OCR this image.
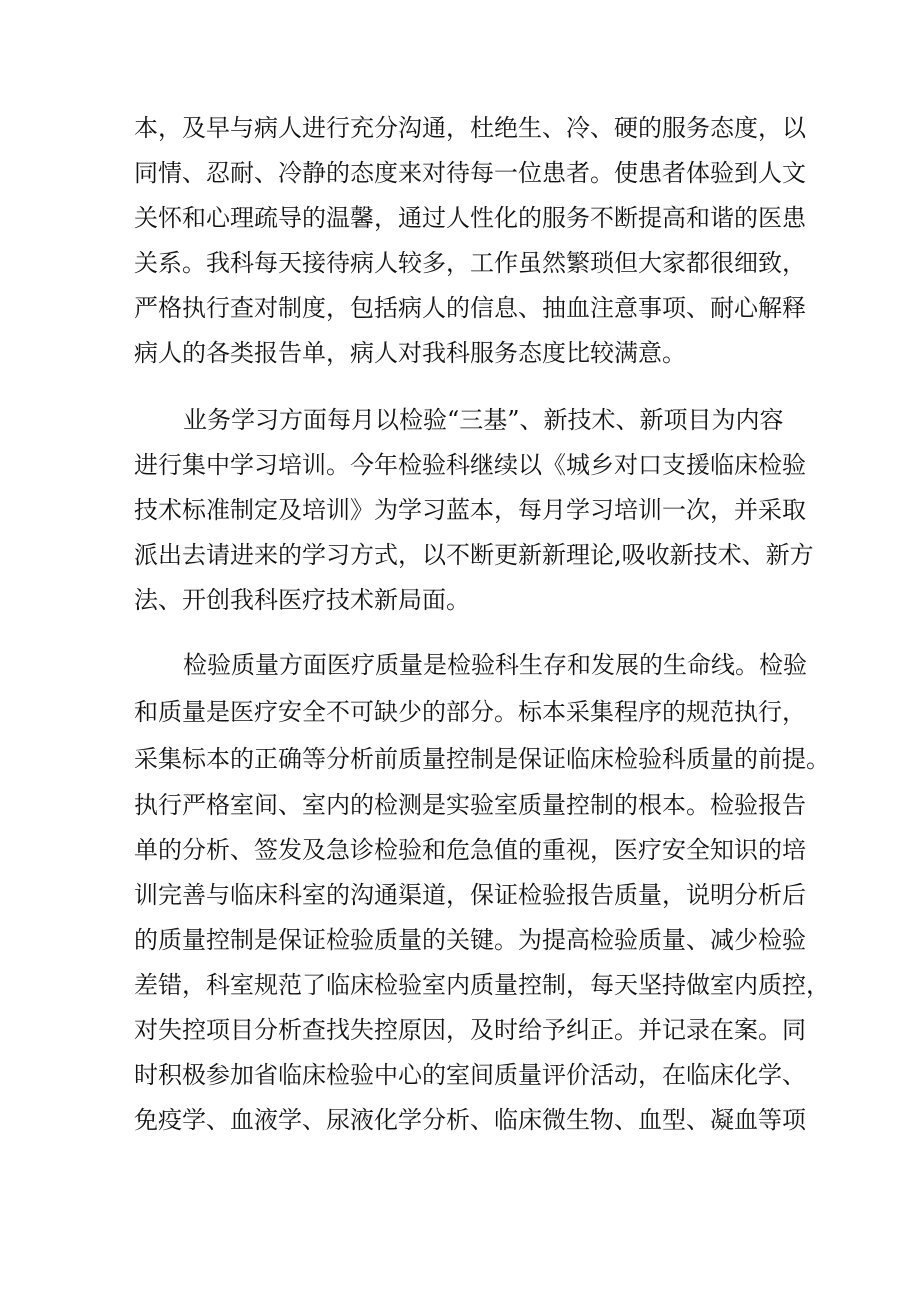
本，及早与病人进行充分沟通，杜绝生、冷、硬的服务态度，以
同情、忍耐、冷静的态度来对待每一位患者。使患者体验到人文
关怀和心理疏导的温馨，通过人性化的服务不断提高和谐的医患
关系。我科每天接待病人较多，工作虽然繁琐但大家都很细致，
严格执行查对制度，包括病人的信息、抽血注意事项、耐心解释
病人的各类报告单，病人对我科服务态度比较满意。
业务学习方面每月以检验“三基”、新技术、新项目为内容
进行集中学习培训。今年检验科继续以《城乡对口支援临床检验
技术标准制定及培训》为学习蓝本，每月学习培训一次，并采取
派出去请进来的学习方式，以不断更新新理论,吸收新技术、新方
法、开创我科医疗技术新局面。
检验质量方面医疗质量是检验科生存和发展的生命线。检验
和质量是医疗安全不可缺少的部分。标本采集程序的规范执行，
采集标本的正确等分析前质量控制是保证临床检验科质量的前提。
执行严格室间、室内的检测是实验室质量控制的根本。检验报告
单的分析、签发及急诊检验和危急值的重视，医疗安全知识的培
训完善与临床科室的沟通渠道，保证检验报告质量，说明分析后
的质量控制是保证检验质量的关键。为提高检验质量、减少检验
差错，科室规范了临床检验室内质量控制，每天坚持做室内质控，
对失控项目分析查找失控原因，及时给予纠正。并记录在案。同
时积极参加省临床检验中心的室间质量评价活动，在临床化学、
免疫学、血液学、尿液化学分析、临床微生物、血型、凝血等项
